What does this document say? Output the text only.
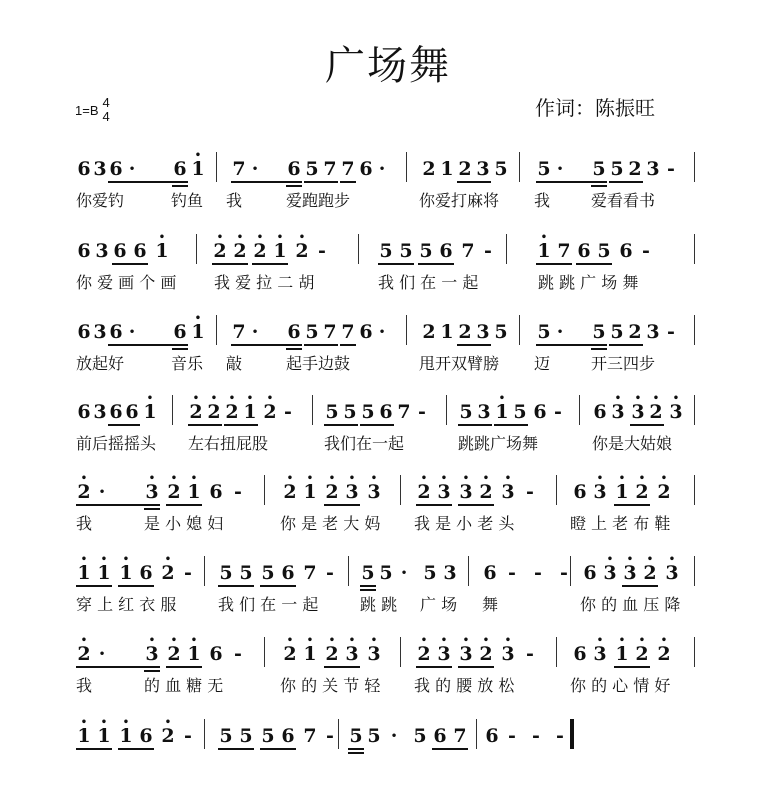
广场舞
1=B 4
4	作词：陈振旺
6 3 6 · 6 1
•
7 · 6 5 7 7 6 · 2 1 2 3 5 5 · 5 5 2 3 -
你爱钓	钓鱼 我	爱跑跑步	你爱打麻将 我	爱看看书
6 3 6 6 1
•
2
•
2
•
2
•
1
•
2
•
-	5 5 5 6 7 - 1
•
7 6 5 6 -
你 爱 画 个 画 我 爱 拉 二 胡	我 们 在 一 起	跳 跳 广 场 舞
6 3 6 · 6 1
•
7 · 6 5 7 7 6 · 2 1 2 3 5 5 · 5 5 2 3 -
放起好	音乐 敲	起手边鼓	甩开双臂膀 迈	开三四步
6 3 6 6 1
•
2
•
2
•
2
•
1
•
2
•
- 5 5 5 6 7 - 5 3 1
•
5 6 - 6 3
•
3
•
2
•
3
•
前后摇摇头 左右扭屁股	我们在一起	跳跳广场舞	你是大姑娘
2
•
· 3
•
2
•
1
•
6 - 2
•
1
•
2
•
3
•
3
•
2
•
3
•
3
•
2
•
3
•
- 6 3
•
1
•
2
•
2
•
我	是 小 媳 妇	你 是 老 大 妈 我 是 小 老 头	瞪 上 老 布 鞋
1
•
1
•
1
•
6 2
•
- 5 5 5 6 7 - 5 5 · 5 3 6 - - - 6 3
•
3
•
2
•
3
•
穿 上 红 衣 服	我 们 在 一 起	跳 跳 广 场 舞	你 的 血 压 降
2
•
· 3
•
2
•
1
•
6 - 2
•
1
•
2
•
3
•
3
•
2
•
3
•
3
•
2
•
3
•
- 6 3
•
1
•
2
•
2
•
我	的 血 糖 无	你 的 关 节 轻 我 的 腰 放 松	你 的 心 情 好
1
•
1
•
1
•
6 2
•
- 5 5 5 6 7 - 5 5 · 5 6 7 6 - - -
